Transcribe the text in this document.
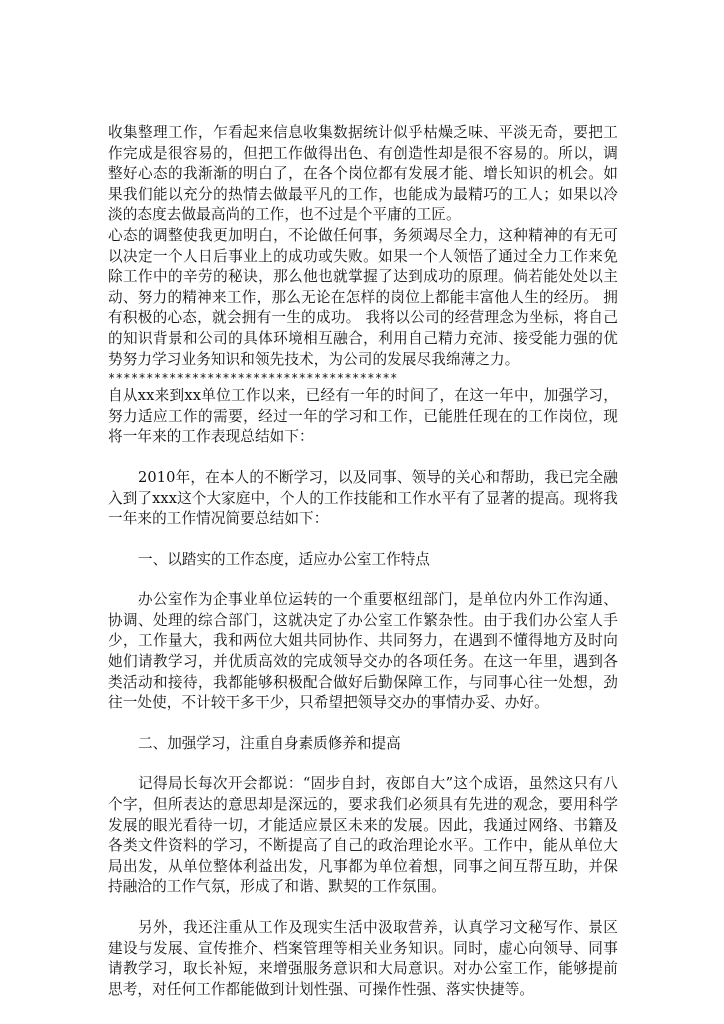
收集整理工作，乍看起来信息收集数据统计似乎枯燥乏味、平淡无奇，要把工作完成是很容易的，但把工作做得出色、有创造性却是很不容易的。所以，调整好心态的我渐渐的明白了，在各个岗位都有发展才能、增长知识的机会。如果我们能以充分的热情去做最平凡的工作，也能成为最精巧的工人；如果以冷淡的态度去做最高尚的工作，也不过是个平庸的工匠。

心态的调整使我更加明白，不论做任何事，务须竭尽全力，这种精神的有无可以决定一个人日后事业上的成功或失败。如果一个人领悟了通过全力工作来免除工作中的辛劳的秘诀，那么他也就掌握了达到成功的原理。倘若能处处以主动、努力的精神来工作，那么无论在怎样的岗位上都能丰富他人生的经历。 拥有积极的心态，就会拥有一生的成功。 我将以公司的经营理念为坐标，将自己的知识背景和公司的具体环境相互融合，利用自己精力充沛、接受能力强的优势努力学习业务知识和领先技术，为公司的发展尽我绵薄之力。

**************************************

自从xx来到xx单位工作以来，已经有一年的时间了，在这一年中，加强学习，努力适应工作的需要，经过一年的学习和工作，已能胜任现在的工作岗位，现将一年来的工作表现总结如下：

2010年，在本人的不断学习，以及同事、领导的关心和帮助，我已完全融入到了xxx这个大家庭中，个人的工作技能和工作水平有了显著的提高。现将我一年来的工作情况简要总结如下：

一、以踏实的工作态度，适应办公室工作特点

办公室作为企事业单位运转的一个重要枢纽部门，是单位内外工作沟通、协调、处理的综合部门，这就决定了办公室工作繁杂性。由于我们办公室人手少，工作量大，我和两位大姐共同协作、共同努力，在遇到不懂得地方及时向她们请教学习，并优质高效的完成领导交办的各项任务。在这一年里，遇到各类活动和接待，我都能够积极配合做好后勤保障工作，与同事心往一处想，劲往一处使，不计较干多干少，只希望把领导交办的事情办妥、办好。

二、加强学习，注重自身素质修养和提高

记得局长每次开会都说：“固步自封，夜郎自大”这个成语，虽然这只有八个字，但所表达的意思却是深远的，要求我们必须具有先进的观念，要用科学发展的眼光看待一切，才能适应景区未来的发展。因此，我通过网络、书籍及各类文件资料的学习，不断提高了自己的政治理论水平。工作中，能从单位大局出发，从单位整体利益出发，凡事都为单位着想，同事之间互帮互助，并保持融洽的工作气氛，形成了和谐、默契的工作氛围。

另外，我还注重从工作及现实生活中汲取营养，认真学习文秘写作、景区建设与发展、宣传推介、档案管理等相关业务知识。同时，虚心向领导、同事请教学习，取长补短，来增强服务意识和大局意识。对办公室工作，能够提前思考，对任何工作都能做到计划性强、可操作性强、落实快捷等。
